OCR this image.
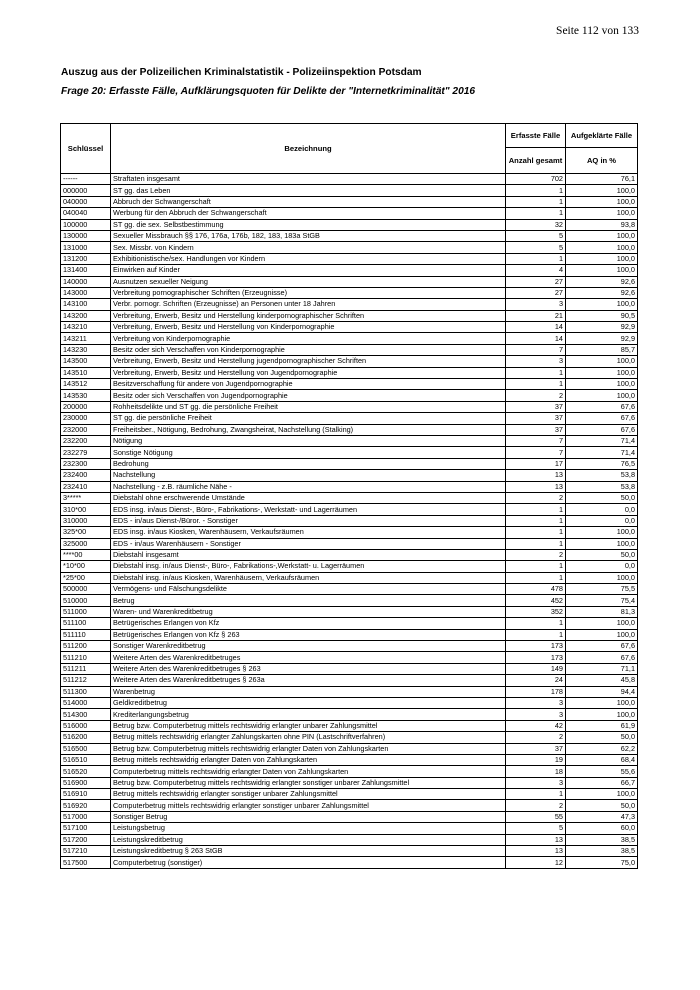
Seite 112 von 133
Auszug aus der Polizeilichen Kriminalstatistik - Polizeiinspektion Potsdam
Frage 20: Erfasste Fälle, Aufklärungsquoten für Delikte der "Internetkriminalität" 2016
Schlüssel	Bezeichnung	Erfasste Fälle	Aufgeklärte Fälle
		Anzahl gesamt	AQ in %
------	Straftaten insgesamt	702	76,1
000000	ST gg. das Leben	1	100,0
040000	Abbruch der Schwangerschaft	1	100,0
040040	Werbung für den Abbruch der Schwangerschaft	1	100,0
100000	ST gg. die sex. Selbstbestimmung	32	93,8
130000	Sexueller Missbrauch §§ 176, 176a, 176b, 182, 183, 183a StGB	5	100,0
131000	Sex. Missbr. von Kindern	5	100,0
131200	Exhibitionistische/sex. Handlungen vor Kindern	1	100,0
131400	Einwirken auf Kinder	4	100,0
140000	Ausnutzen sexueller Neigung	27	92,6
143000	Verbreitung pornographischer Schriften (Erzeugnisse)	27	92,6
143100	Verbr. pornogr. Schriften (Erzeugnisse) an Personen unter 18 Jahren	3	100,0
143200	Verbreitung, Erwerb, Besitz und Herstellung kinderpornographischer Schriften	21	90,5
143210	Verbreitung, Erwerb, Besitz und Herstellung von Kinderpornographie	14	92,9
143211	Verbreitung von Kinderpornographie	14	92,9
143230	Besitz oder sich Verschaffen von Kinderpornographie	7	85,7
143500	Verbreitung, Erwerb, Besitz und Herstellung jugendpornographischer Schriften	3	100,0
143510	Verbreitung, Erwerb, Besitz und Herstellung von Jugendpornographie	1	100,0
143512	Besitzverschaffung für andere von Jugendpornographie	1	100,0
143530	Besitz oder sich Verschaffen von Jugendpornographie	2	100,0
200000	Rohheitsdelikte und ST gg. die persönliche Freiheit	37	67,6
230000	ST gg. die persönliche Freiheit	37	67,6
232000	Freiheitsber., Nötigung, Bedrohung, Zwangsheirat, Nachstellung (Stalking)	37	67,6
232200	Nötigung	7	71,4
232279	Sonstige Nötigung	7	71,4
232300	Bedrohung	17	76,5
232400	Nachstellung	13	53,8
232410	Nachstellung - z.B. räumliche Nähe -	13	53,8
3*****	Diebstahl ohne erschwerende Umstände	2	50,0
310*00	EDS insg. in/aus Dienst-, Büro-, Fabrikations-, Werkstatt- und Lagerräumen	1	0,0
310000	EDS - in/aus Dienst-/Büror. - Sonstiger	1	0,0
325*00	EDS insg. in/aus Kiosken, Warenhäusern, Verkaufsräumen	1	100,0
325000	EDS - in/aus Warenhäusern - Sonstiger	1	100,0
****00	Diebstahl insgesamt	2	50,0
*10*00	Diebstahl insg. in/aus Dienst-, Büro-, Fabrikations-,Werkstatt- u. Lagerräumen	1	0,0
*25*00	Diebstahl insg. in/aus Kiosken, Warenhäusern, Verkaufsräumen	1	100,0
500000	Vermögens- und Fälschungsdelikte	478	75,5
510000	Betrug	452	75,4
511000	Waren- und Warenkreditbetrug	352	81,3
511100	Betrügerisches Erlangen von Kfz	1	100,0
511110	Betrügerisches Erlangen von Kfz § 263	1	100,0
511200	Sonstiger Warenkreditbetrug	173	67,6
511210	Weitere Arten des Warenkreditbetruges	173	67,6
511211	Weitere Arten des Warenkreditbetruges § 263	149	71,1
511212	Weitere Arten des Warenkreditbetruges § 263a	24	45,8
511300	Warenbetrug	178	94,4
514000	Geldkreditbetrug	3	100,0
514300	Krediterlangungsbetrug	3	100,0
516000	Betrug bzw. Computerbetrug mittels rechtswidrig erlangter unbarer Zahlungsmittel	42	61,9
516200	Betrug mittels rechtswidrig erlangter Zahlungskarten ohne PIN (Lastschriftverfahren)	2	50,0
516500	Betrug bzw. Computerbetrug mittels rechtswidrig erlangter Daten von Zahlungskarten	37	62,2
516510	Betrug mittels rechtswidrig erlangter Daten von Zahlungskarten	19	68,4
516520	Computerbetrug mittels rechtswidrig erlangter Daten von Zahlungskarten	18	55,6
516900	Betrug bzw. Computerbetrug mittels rechtswidrig erlangter sonstiger unbarer Zahlungsmittel	3	66,7
516910	Betrug mittels rechtswidrig erlangter sonstiger unbarer Zahlungsmittel	1	100,0
516920	Computerbetrug mittels rechtswidrig erlangter sonstiger unbarer Zahlungsmittel	2	50,0
517000	Sonstiger Betrug	55	47,3
517100	Leistungsbetrug	5	60,0
517200	Leistungskreditbetrug	13	38,5
517210	Leistungskreditbetrug § 263 StGB	13	38,5
517500	Computerbetrug (sonstiger)	12	75,0
